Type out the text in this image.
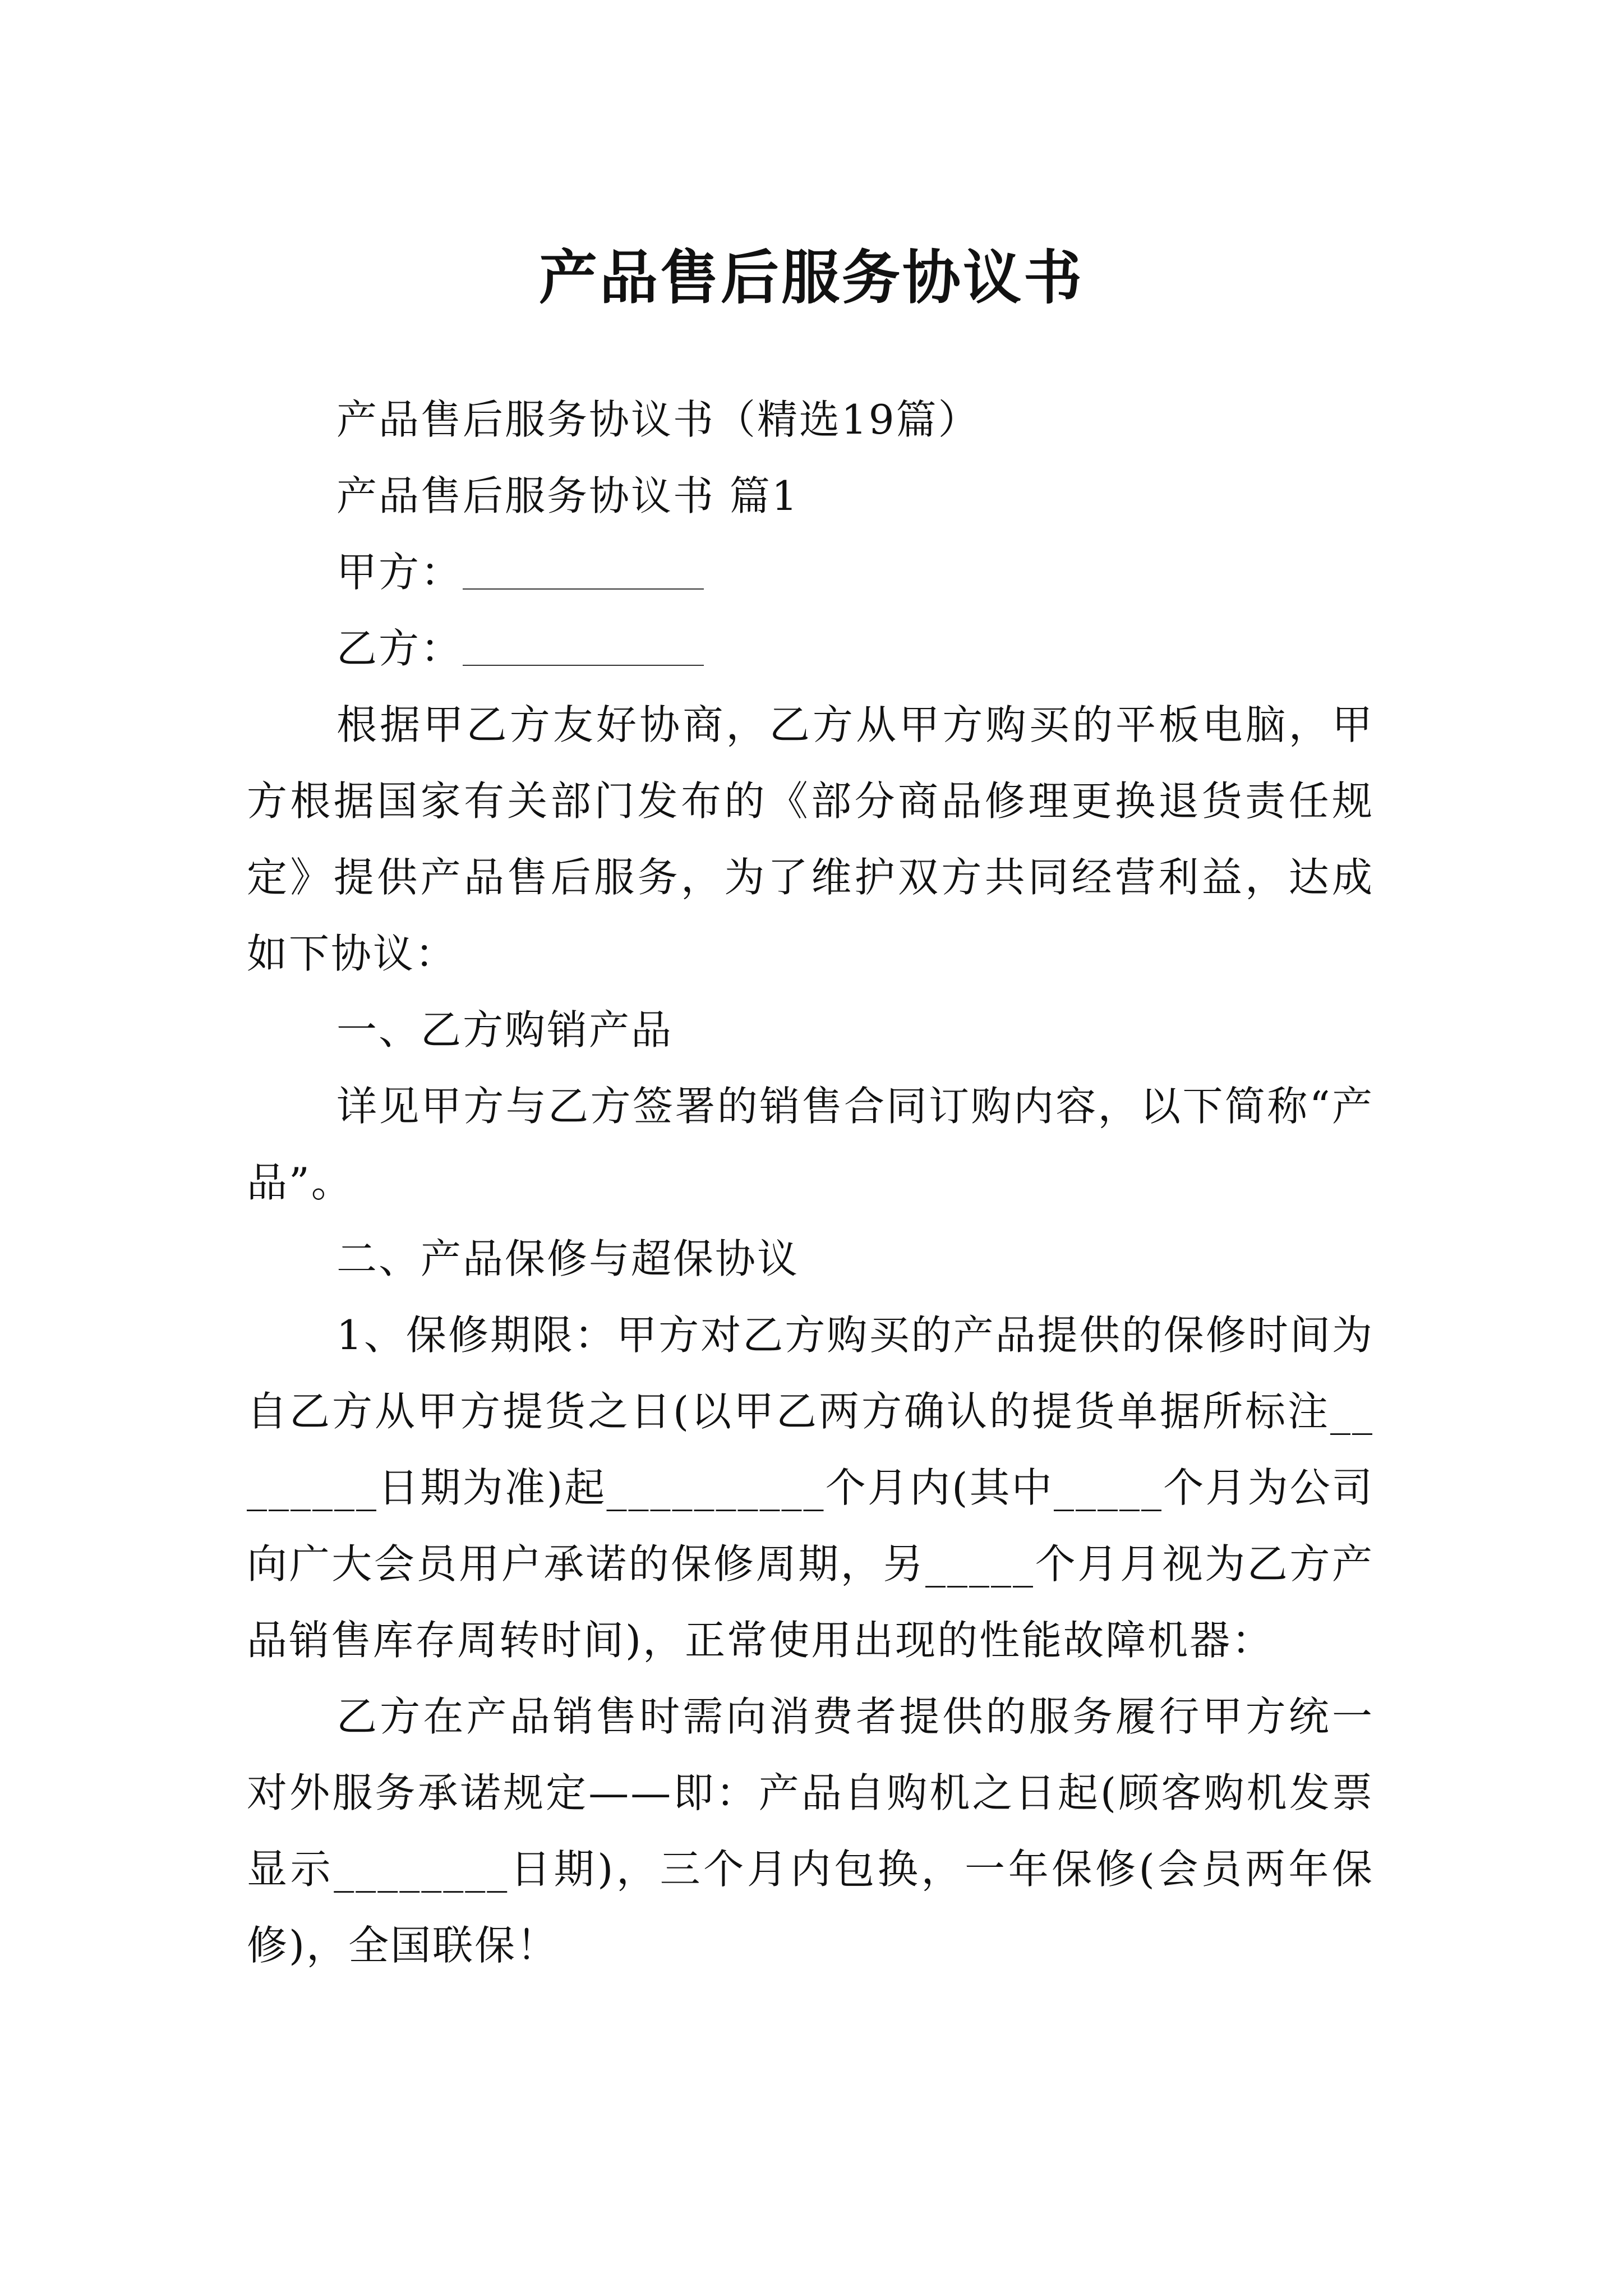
产品售后服务协议书

产品售后服务协议书（精选19篇）

产品售后服务协议书 篇1

甲方：

乙方：

根据甲乙方友好协商，乙方从甲方购买的平板电脑，甲方根据国家有关部门发布的《部分商品修理更换退货责任规定》提供产品售后服务，为了维护双方共同经营利益，达成如下协议：

一、乙方购销产品

详见甲方与乙方签署的销售合同订购内容，以下简称“产品”。

二、产品保修与超保协议

1、保修期限：甲方对乙方购买的产品提供的保修时间为自乙方从甲方提货之日(以甲乙两方确认的提货单据所标注________日期为准)起__________个月内(其中_____个月为公司向广大会员用户承诺的保修周期，另_____个月月视为乙方产品销售库存周转时间)，正常使用出现的性能故障机器：

乙方在产品销售时需向消费者提供的服务履行甲方统一对外服务承诺规定——即：产品自购机之日起(顾客购机发票显示________日期)，三个月内包换，一年保修(会员两年保修)，全国联保！
